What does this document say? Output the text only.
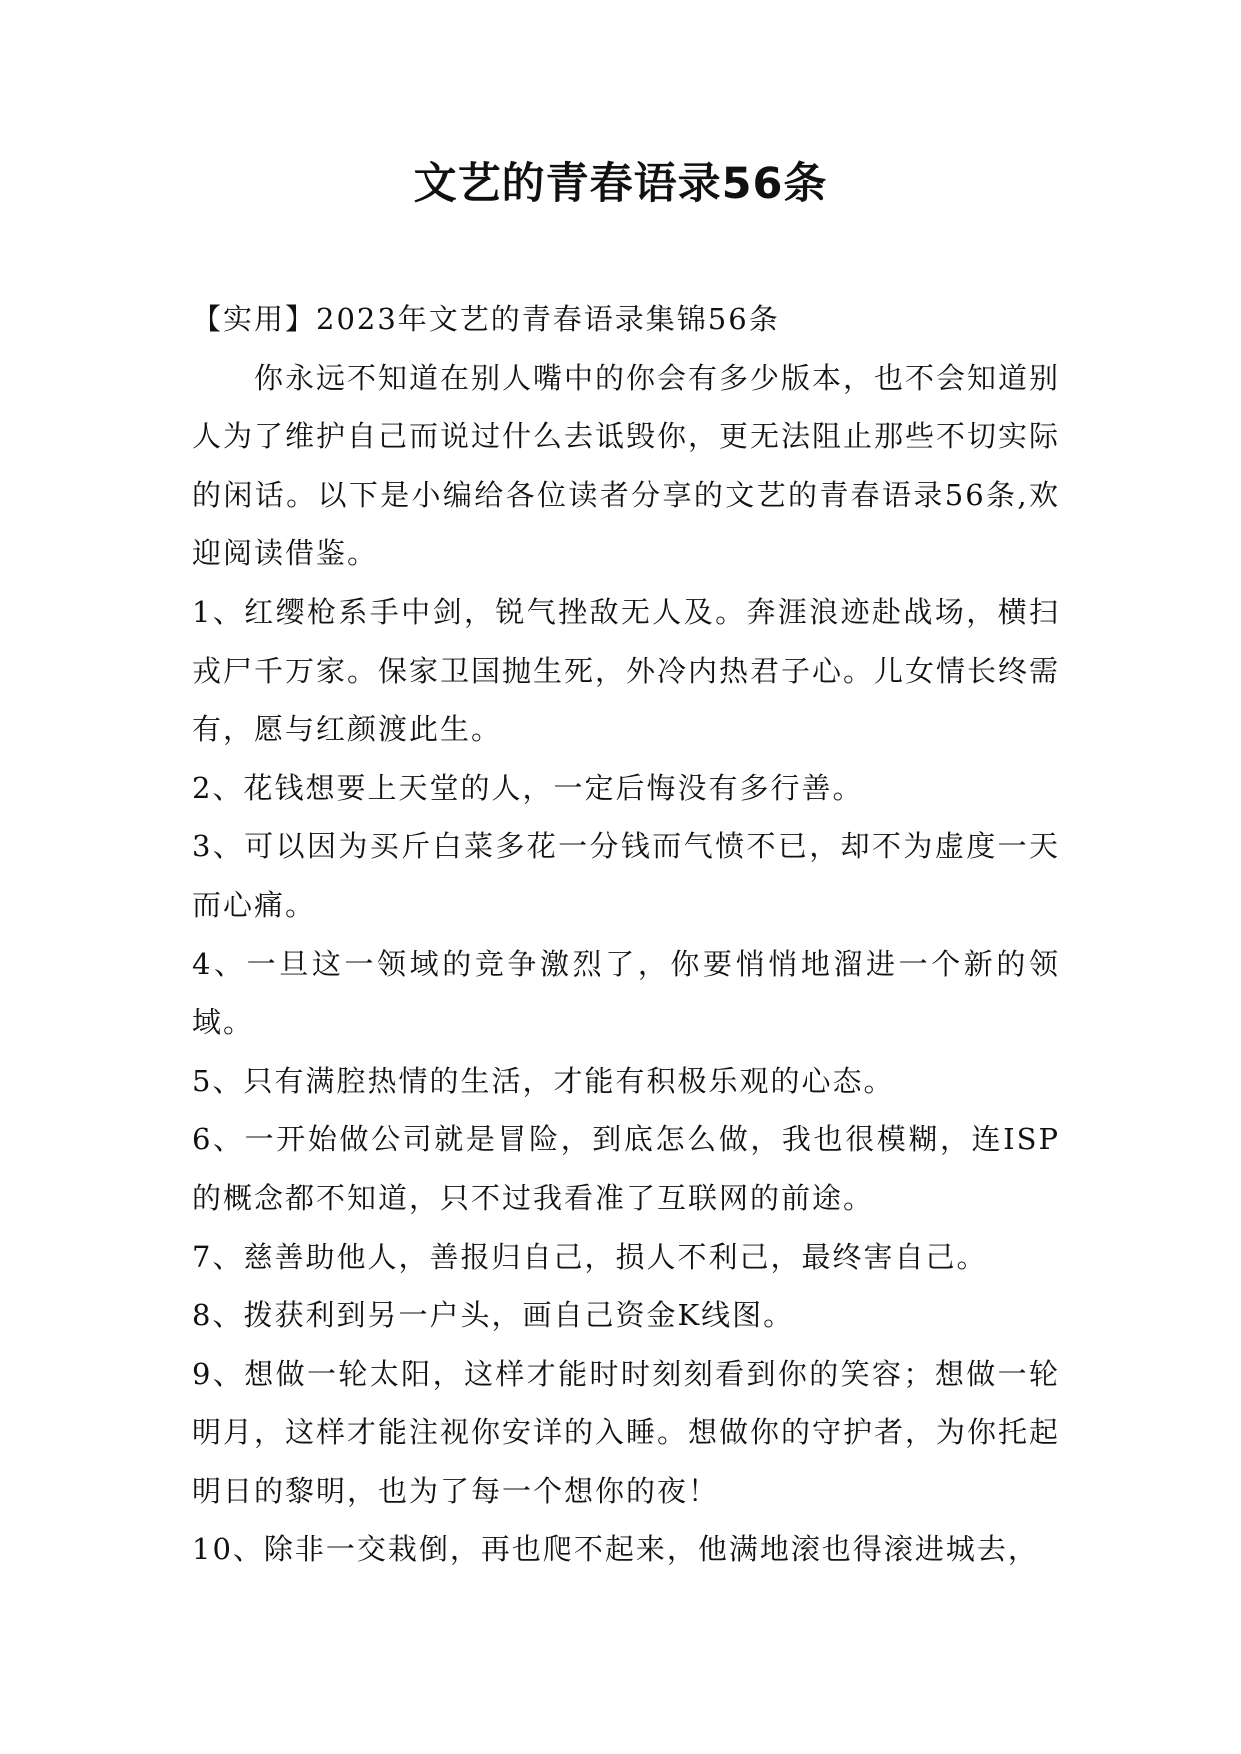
文艺的青春语录56条

【实用】2023年文艺的青春语录集锦56条

你永远不知道在别人嘴中的你会有多少版本，也不会知道别人为了维护自己而说过什么去诋毁你，更无法阻止那些不切实际的闲话。以下是小编给各位读者分享的文艺的青春语录56条,欢迎阅读借鉴。

1、红缨枪系手中剑，锐气挫敌无人及。奔涯浪迹赴战场，横扫戎尸千万家。保家卫国抛生死，外冷内热君子心。儿女情长终需有，愿与红颜渡此生。

2、花钱想要上天堂的人，一定后悔没有多行善。

3、可以因为买斤白菜多花一分钱而气愤不已，却不为虚度一天而心痛。

4、一旦这一领域的竞争激烈了，你要悄悄地溜进一个新的领域。

5、只有满腔热情的生活，才能有积极乐观的心态。

6、一开始做公司就是冒险，到底怎么做，我也很模糊，连ISP的概念都不知道，只不过我看准了互联网的前途。

7、慈善助他人，善报归自己，损人不利己，最终害自己。

8、拨获利到另一户头，画自己资金K线图。

9、想做一轮太阳，这样才能时时刻刻看到你的笑容；想做一轮明月，这样才能注视你安详的入睡。想做你的守护者，为你托起明日的黎明，也为了每一个想你的夜！

10、除非一交栽倒，再也爬不起来，他满地滚也得滚进城去，
